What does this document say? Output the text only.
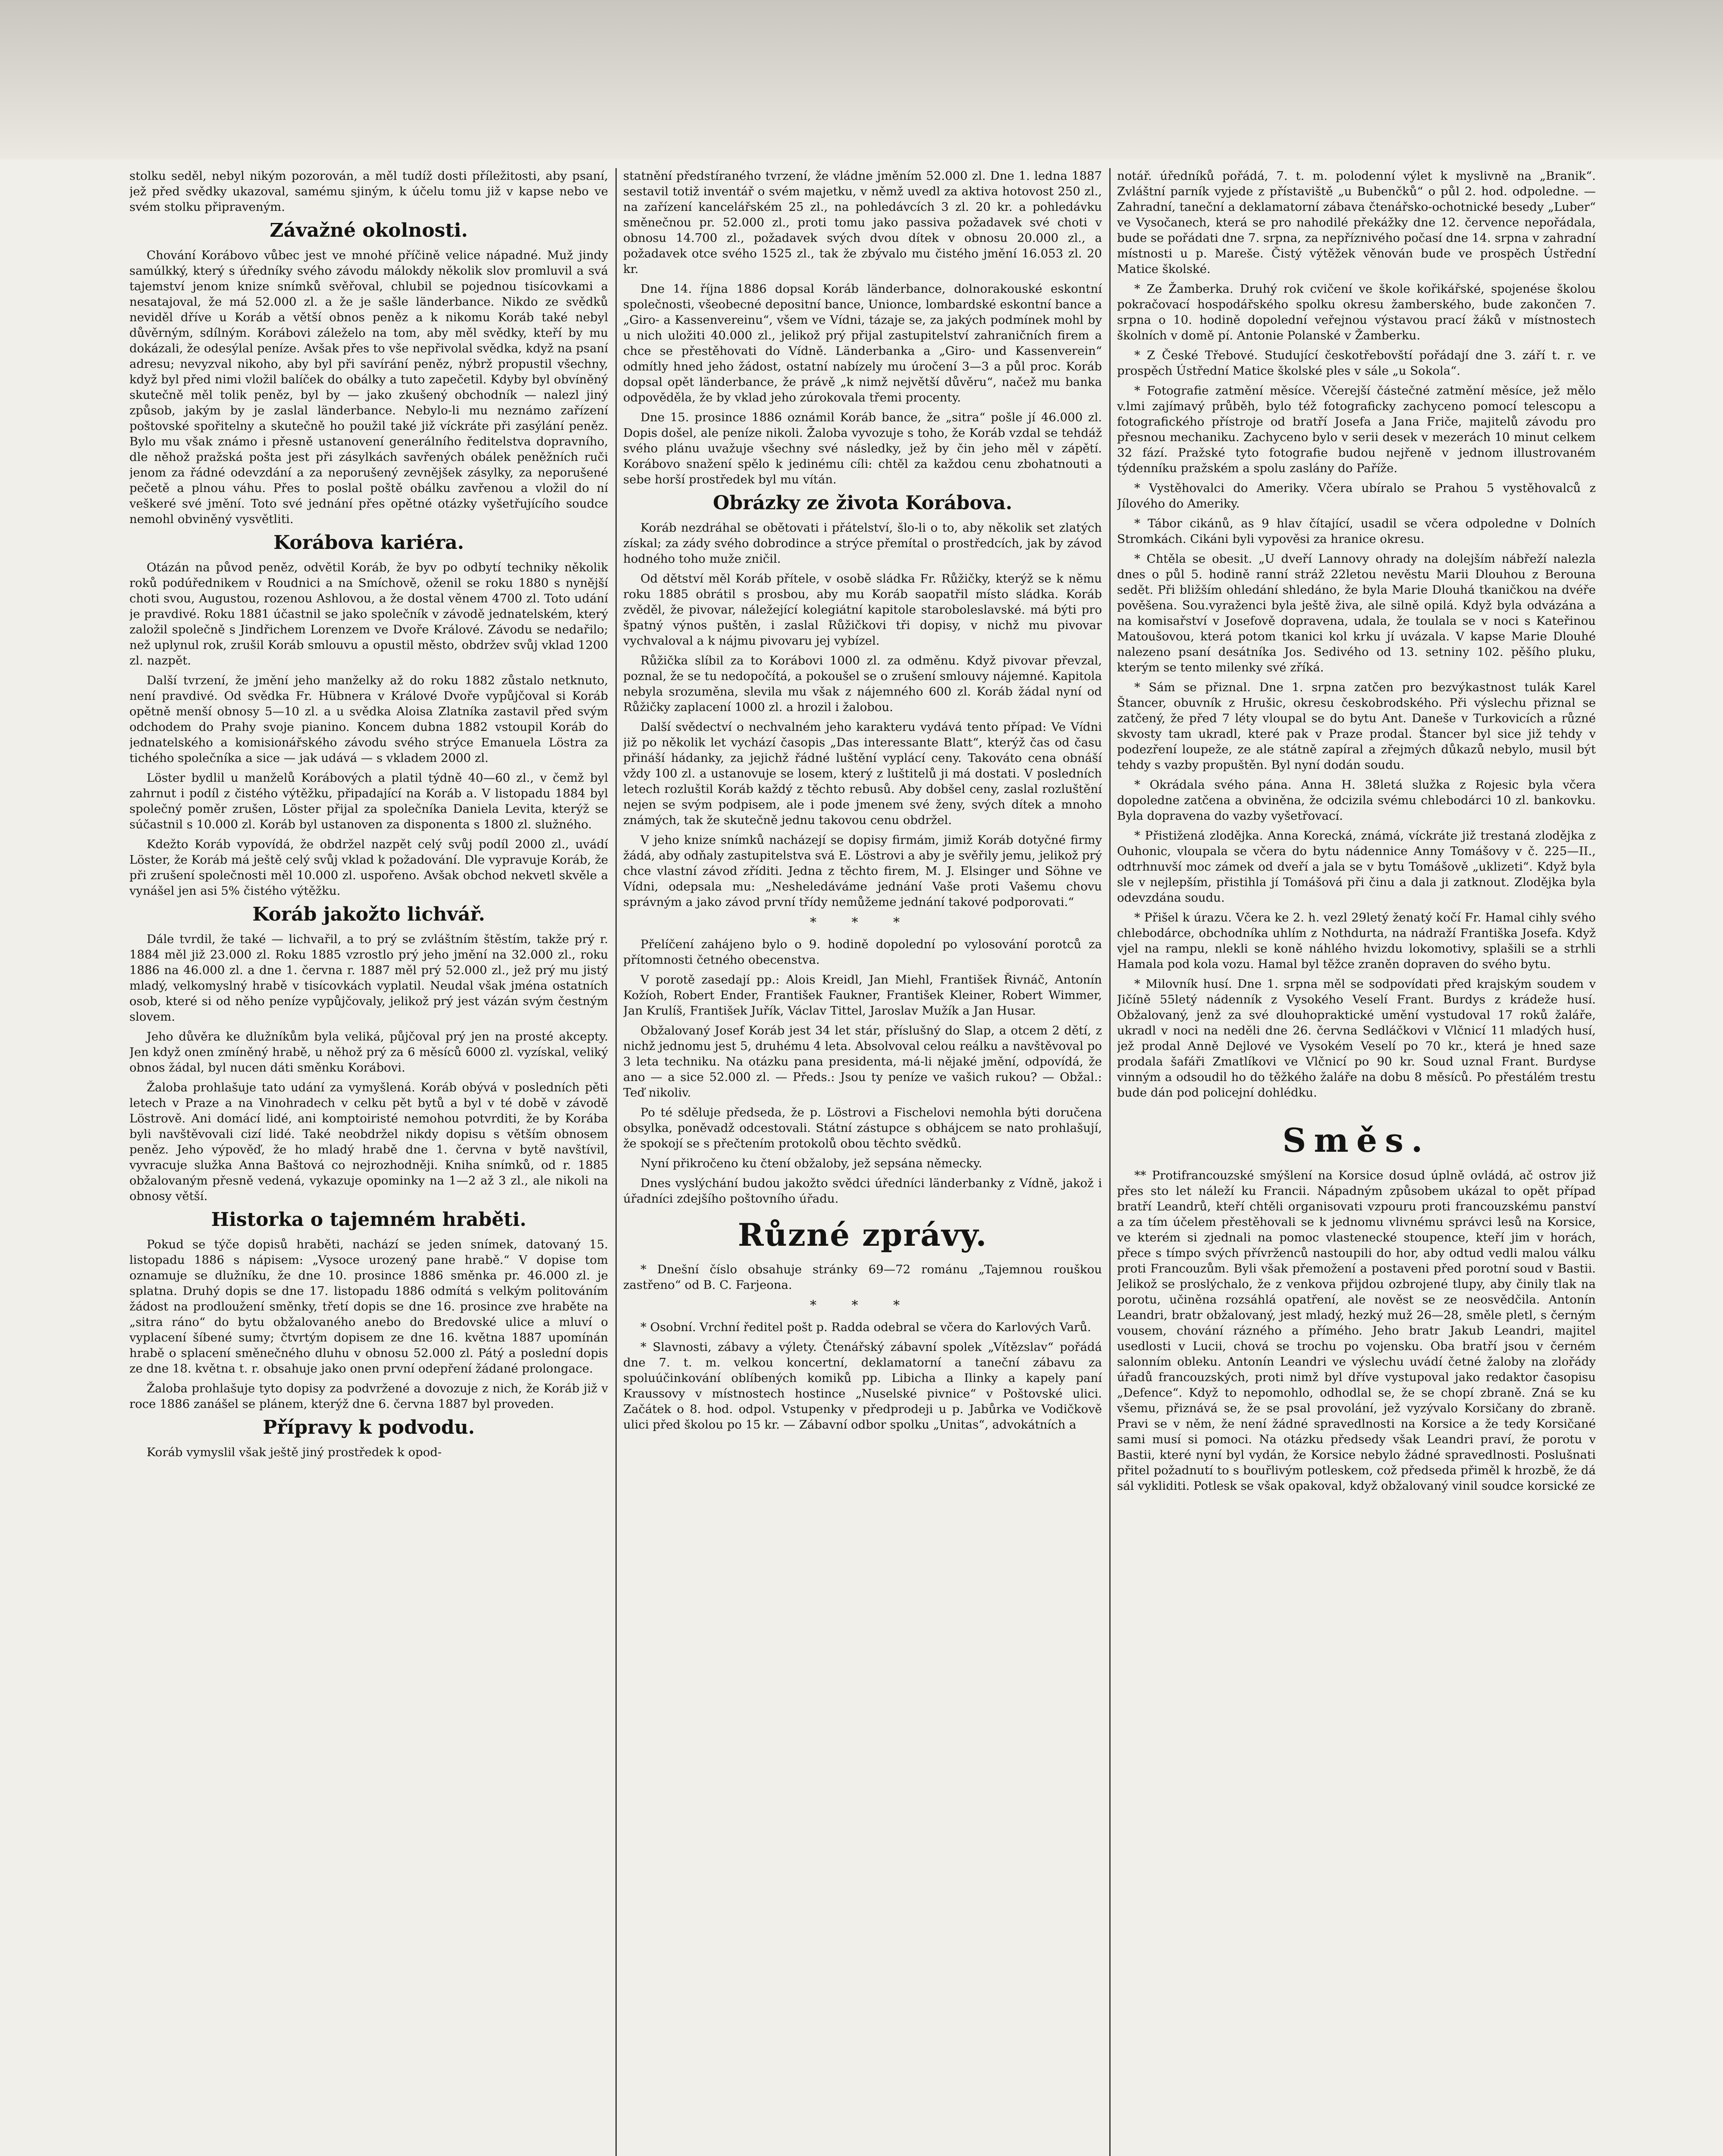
stolku seděl, nebyl nikým pozorován, a měl tudíž dosti příležitosti, aby psaní, jež před svědky ukazoval, samému sjiným, k účelu tomu již v kapse nebo ve svém stolku připraveným.

Závažné okolnosti.

Chování Korábovo vůbec jest ve mnohé příčině velice nápadné. Muž jindy samúlkký, který s úředníky svého závodu málokdy několik slov promluvil a svá tajemství jenom knize snímků svěřoval, chlubil se pojednou tisícovkami a nesatajoval, že má 52.000 zl. a že je sašle länderbance. Nikdo ze svědků neviděl dříve u Koráb a větší obnos peněz a k nikomu Koráb také nebyl důvěrným, sdílným. Korábovi záleželo na tom, aby měl svědky, kteří by mu dokázali, že odesýlal peníze. Avšak přes to vše nepřivolal svědka, když na psaní adresu; nevyzval nikoho, aby byl při savírání peněz, nýbrž propustil všechny, když byl před nimi vložil balíček do obálky a tuto zapečetil. Kdyby byl obvíněný skutečně měl tolik peněz, byl by — jako zkušený obchodník — nalezl jiný způsob, jakým by je zaslal länderbance. Nebylo-li mu neznámo zařízení poštovské spořitelny a skutečně ho použil také již víckráte při zasýlání peněz. Bylo mu však známo i přesně ustanovení generálního ředitelstva dopravního, dle něhož pražská pošta jest při zásylkách savřených obálek peněžních ruči jenom za řádné odevzdání a za neporušený zevnějšek zásylky, za neporušené pečetě a plnou váhu. Přes to poslal poště obálku zavřenou a vložil do ní veškeré své jmění. Toto své jednání přes opětné otázky vyšetřujícího soudce nemohl obviněný vysvětliti.

Korábova kariéra.

Otázán na původ peněz, odvětil Koráb, že byv po odbytí techniky několik roků podúřednikem v Roudnici a na Smíchově, oženil se roku 1880 s nynější choti svou, Augustou, rozenou Ashlovou, a že dostal věnem 4700 zl. Toto udání je pravdivé. Roku 1881 účastnil se jako společník v závodě jednatelském, který založil společně s Jindřichem Lorenzem ve Dvoře Králové. Závodu se nedařilo; než uplynul rok, zrušil Koráb smlouvu a opustil město, obdržev svůj vklad 1200 zl. nazpět.

Další tvrzení, že jmění jeho manželky až do roku 1882 zůstalo netknuto, není pravdivé. Od svědka Fr. Hübnera v Králové Dvoře vypůjčoval si Koráb opětně menší obnosy 5—10 zl. a u svědka Aloisa Zlatníka zastavil před svým odchodem do Prahy svoje pianino. Koncem dubna 1882 vstoupil Koráb do jednatelského a komisionářského závodu svého strýce Emanuela Löstra za tichého společníka a sice — jak udává — s vkladem 2000 zl.

Löster bydlil u manželů Korábových a platil týdně 40—60 zl., v čemž byl zahrnut i podíl z čistého výtěžku, připadající na Koráb a. V listopadu 1884 byl společný poměr zrušen, Löster přijal za společníka Daniela Levita, kterýž se súčastnil s 10.000 zl. Koráb byl ustanoven za disponenta s 1800 zl. služného.

Kdežto Koráb vypovídá, že obdržel nazpět celý svůj podíl 2000 zl., uvádí Löster, že Koráb má ještě celý svůj vklad k požadování. Dle vypravuje Koráb, že při zrušení společnosti měl 10.000 zl. uspořeno. Avšak obchod nekvetl skvěle a vynášel jen asi 5% čistého výtěžku.

Koráb jakožto lichvář.

Dále tvrdil, že také — lichvařil, a to prý se zvláštním štěstím, takže prý r. 1884 měl již 23.000 zl. Roku 1885 vzrostlo prý jeho jmění na 32.000 zl., roku 1886 na 46.000 zl. a dne 1. června r. 1887 měl prý 52.000 zl., jež prý mu jistý mladý, velkomyslný hrabě v tisícovkách vyplatil. Neudal však jména ostatních osob, které si od něho peníze vypůjčovaly, jelikož prý jest vázán svým čestným slovem.

Jeho důvěra ke dlužníkům byla veliká, půjčoval prý jen na prosté akcepty. Jen když onen zmíněný hrabě, u něhož prý za 6 měsíců 6000 zl. vyzískal, veliký obnos žádal, byl nucen dáti směnku Korábovi.

Žaloba prohlašuje tato udání za vymyšlená. Koráb obývá v posledních pěti letech v Praze a na Vinohradech v celku pět bytů a byl v té době v závodě Löstrově. Ani domácí lidé, ani komptoiristé nemohou potvrditi, že by Korába byli navštěvovali cizí lidé. Také neobdržel nikdy dopisu s větším obnosem peněz. Jeho výpověď, že ho mladý hrabě dne 1. června v bytě navštívil, vyvracuje služka Anna Baštová co nejrozhodněji. Kniha snímků, od r. 1885 obžalovaným přesně vedená, vykazuje opominky na 1—2 až 3 zl., ale nikoli na obnosy větší.

Historka o tajemném hraběti.

Pokud se týče dopisů hraběti, nachází se jeden snímek, datovaný 15. listopadu 1886 s nápisem: „Vysoce urozený pane hrabě.“ V dopise tom oznamuje se dlužníku, že dne 10. prosince 1886 směnka pr. 46.000 zl. je splatna. Druhý dopis se dne 17. listopadu 1886 odmítá s velkým politováním žádost na prodloužení směnky, třetí dopis se dne 16. prosince zve hraběte na „sitra ráno“ do bytu obžalovaného anebo do Bredovské ulice a mluví o vyplacení šíbené sumy; čtvrtým dopisem ze dne 16. května 1887 upomínán hrabě o splacení směnečného dluhu v obnosu 52.000 zl. Pátý a poslední dopis ze dne 18. května t. r. obsahuje jako onen první odepření žádané prolongace.

Žaloba prohlašuje tyto dopisy za podvržené a dovozuje z nich, že Koráb již v roce 1886 zanášel se plánem, kterýž dne 6. června 1887 byl proveden.

Přípravy k podvodu.

Koráb vymyslil však ještě jiný prostředek k opod-

statnění předstíraného tvrzení, že vládne jměním 52.000 zl. Dne 1. ledna 1887 sestavil totiž inventář o svém majetku, v němž uvedl za aktiva hotovost 250 zl., na zařízení kancelářském 25 zl., na pohledávcích 3 zl. 20 kr. a pohledávku směnečnou pr. 52.000 zl., proti tomu jako passiva požadavek své choti v obnosu 14.700 zl., požadavek svých dvou dítek v obnosu 20.000 zl., a požadavek otce svého 1525 zl., tak že zbývalo mu čistého jmění 16.053 zl. 20 kr.

Dne 14. října 1886 dopsal Koráb länderbance, dolnorakouské eskontní společnosti, všeobecné depositní bance, Unionce, lombardské eskontní bance a „Giro- a Kassenvereinu“, všem ve Vídni, tázaje se, za jakých podmínek mohl by u nich uložiti 40.000 zl., jelikož prý přijal zastupitelství zahraničních firem a chce se přestěhovati do Vídně. Länderbanka a „Giro- und Kassenverein“ odmítly hned jeho žádost, ostatní nabízely mu úročení 3—3 a půl proc. Koráb dopsal opět länderbance, že právě „k nimž největší důvěru“, načež mu banka odpověděla, že by vklad jeho zúrokovala třemi procenty.

Dne 15. prosince 1886 oznámil Koráb bance, že „sitra“ pošle jí 46.000 zl. Dopis došel, ale peníze nikoli. Žaloba vyvozuje s toho, že Koráb vzdal se tehdáž svého plánu uvažuje všechny své následky, jež by čin jeho měl v zápětí. Korábovo snažení spělo k jedinému cíli: chtěl za každou cenu zbohatnouti a sebe horší prostředek byl mu vítán.

Obrázky ze života Korábova.

Koráb nezdráhal se obětovati i přátelství, šlo-li o to, aby několik set zlatých získal; za zády svého dobrodince a strýce přemítal o prostředcích, jak by závod hodného toho muže zničil.

Od dětství měl Koráb přítele, v osobě sládka Fr. Růžičky, kterýž se k němu roku 1885 obrátil s prosbou, aby mu Koráb saopatřil místo sládka. Koráb zvěděl, že pivovar, náležející kolegiátní kapitole staroboleslavské. má býti pro špatný výnos puštěn, i zaslal Růžičkovi tři dopisy, v nichž mu pivovar vychvaloval a k nájmu pivovaru jej vybízel.

Růžička slíbil za to Korábovi 1000 zl. za odměnu. Když pivovar převzal, poznal, že se tu nedopočítá, a pokoušel se o zrušení smlouvy nájemné. Kapitola nebyla srozuměna, slevila mu však z nájemného 600 zl. Koráb žádal nyní od Růžičky zaplacení 1000 zl. a hrozil i žalobou.

Další svědectví o nechvalném jeho karakteru vydává tento případ: Ve Vídni již po několik let vychází časopis „Das interessante Blatt“, kterýž čas od času přináší hádanky, za jejichž řádné luštění vyplácí ceny. Takováto cena obnáší vždy 100 zl. a ustanovuje se losem, který z luštitelů ji má dostati. V posledních letech rozluštil Koráb každý z těchto rebusů. Aby dobšel ceny, zaslal rozluštění nejen se svým podpisem, ale i pode jmenem své ženy, svých dítek a mnoho známých, tak že skutečně jednu takovou cenu obdržel.

V jeho knize snímků nacházejí se dopisy firmám, jimiž Koráb dotyčné firmy žádá, aby odňaly zastupitelstva svá E. Löstrovi a aby je svěřily jemu, jelikož prý chce vlastní závod zříditi. Jedna z těchto firem, M. J. Elsinger und Söhne ve Vídni, odepsala mu: „Nesheledáváme jednání Vaše proti Vašemu chovu správným a jako závod první třídy nemůžeme jednání takové podporovati.“

* * *

Přelíčení zahájeno bylo o 9. hodině dopolední po vylosování porotců za přítomnosti četného obecenstva.

V porotě zasedají pp.: Alois Kreidl, Jan Miehl, František Řivnáč, Antonín Kožíoh, Robert Ender, František Faukner, František Kleiner, Robert Wimmer, Jan Krulíš, František Juřík, Václav Tittel, Jaroslav Mužík a Jan Husar.

Obžalovaný Josef Koráb jest 34 let stár, příslušný do Slap, a otcem 2 dětí, z nichž jednomu jest 5, druhému 4 leta. Absolvoval celou reálku a navštěvoval po 3 leta techniku. Na otázku pana presidenta, má-li nějaké jmění, odpovídá, že ano — a sice 52.000 zl. — Předs.: Jsou ty peníze ve vašich rukou? — Obžal.: Teď nikoliv.

Po té sděluje předseda, že p. Löstrovi a Fischelovi nemohla býti doručena obsylka, poněvadž odcestovali. Státní zástupce s obhájcem se nato prohlašují, že spokojí se s přečtením protokolů obou těchto svědků.

Nyní přikročeno ku čtení obžaloby, jež sepsána německy.

Dnes vyslýchání budou jakožto svědci úředníci länderbanky z Vídně, jakož i úřadníci zdejšího poštovního úřadu.

Různé zprávy.

* Dnešní číslo obsahuje stránky 69—72 románu „Tajemnou rouškou zastřeno“ od B. C. Farjeona.

* * *

* Osobní. Vrchní ředitel pošt p. Radda odebral se včera do Karlových Varů.

* Slavnosti, zábavy a výlety. Čtenářský zábavní spolek „Vítězslav“ pořádá dne 7. t. m. velkou koncertní, deklamatorní a taneční zábavu za spoluúčinkování oblíbených komiků pp. Libicha a Ilinky a kapely paní Kraussovy v místnostech hostince „Nuselské pivnice“ v Poštovské ulici. Začátek o 8. hod. odpol. Vstupenky v předprodeji u p. Jabůrka ve Vodičkově ulici před školou po 15 kr. — Zábavní odbor spolku „Unitas“, advokátních a

notář. úředníků pořádá, 7. t. m. polodenní výlet k myslivně na „Branik“. Zvláštní parník vyjede z přístaviště „u Bubenčků“ o půl 2. hod. odpoledne. — Zahradní, taneční a deklamatorní zábava čtenářsko-ochotnické besedy „Luber“ ve Vysočanech, která se pro nahodilé překážky dne 12. července nepořádala, bude se pořádati dne 7. srpna, za nepříznivého počasí dne 14. srpna v zahradní místnosti u p. Mareše. Čistý výtěžek věnován bude ve prospěch Ústřední Matice školské.

* Ze Žamberka. Druhý rok cvičení ve škole kořikářské, spojenése školou pokračovací hospodářského spolku okresu žamberského, bude zakončen 7. srpna o 10. hodině dopolední veřejnou výstavou prací žáků v místnostech školních v domě pí. Antonie Polanské v Žamberku.

* Z České Třebové. Studující českotřebovští pořádají dne 3. září t. r. ve prospěch Ústřední Matice školské ples v sále „u Sokola“.

* Fotografie zatmění měsíce. Včerejší částečné zatmění měsíce, jež mělo v.lmi zajímavý průběh, bylo též fotograficky zachyceno pomocí telescopu a fotografického přístroje od bratří Josefa a Jana Friče, majitelů závodu pro přesnou mechaniku. Zachyceno bylo v serii desek v mezerách 10 minut celkem 32 fází. Pražské tyto fotografie budou nejřeně v jednom illustrovaném týdenníku pražském a spolu zaslány do Paříže.

* Vystěhovalci do Ameriky. Včera ubíralo se Prahou 5 vystěhovalců z Jílového do Ameriky.

* Tábor cikánů, as 9 hlav čítající, usadil se včera odpoledne v Dolních Stromkách. Cikáni byli vypověsi za hranice okresu.

* Chtěla se obesit. „U dveří Lannovy ohrady na dolejším nábřeží nalezla dnes o půl 5. hodině ranní stráž 22letou nevěstu Marii Dlouhou z Berouna sedět. Při bližším ohledání shledáno, že byla Marie Dlouhá tkaničkou na dvéře pověšena. Sou.vyraženci byla ještě živa, ale silně opilá. Když byla odvázána a na komisařství v Josefově dopravena, udala, že toulala se v noci s Kateřinou Matoušovou, která potom tkanici kol krku jí uvázala. V kapse Marie Dlouhé nalezeno psaní desátníka Jos. Sedivého od 13. setniny 102. pěšího pluku, kterým se tento milenky své zříká.

* Sám se přiznal. Dne 1. srpna zatčen pro bezvýkastnost tulák Karel Štancer, obuvník z Hrušic, okresu českobrodského. Při výslechu přiznal se zatčený, že před 7 léty vloupal se do bytu Ant. Daneše v Turkovicích a různé skvosty tam ukradl, které pak v Praze prodal. Štancer byl sice již tehdy v podezření loupeže, ze ale státně zapíral a zřejmých důkazů nebylo, musil být tehdy s vazby propuštěn. Byl nyní dodán soudu.

* Okrádala svého pána. Anna H. 38letá služka z Rojesic byla včera dopoledne zatčena a obviněna, že odcizila svému chlebodárci 10 zl. bankovku. Byla dopravena do vazby vyšetřovací.

* Přistižená zlodějka. Anna Korecká, známá, víckráte již trestaná zlodějka z Ouhonic, vloupala se včera do bytu nádennice Anny Tomášovy v č. 225—II., odtrhnuvší moc zámek od dveří a jala se v bytu Tomášově „uklizeti“. Když byla sle v nejlepším, přistihla jí Tomášová při činu a dala ji zatknout. Zlodějka byla odevzdána soudu.

* Přišel k úrazu. Včera ke 2. h. vezl 29letý ženatý kočí Fr. Hamal cihly svého chlebodárce, obchodníka uhlím z Nothdurta, na nádraží Františka Josefa. Když vjel na rampu, nlekli se koně náhlého hvizdu lokomotivy, splašili se a strhli Hamala pod kola vozu. Hamal byl těžce zraněn dopraven do svého bytu.

* Milovník husí. Dne 1. srpna měl se sodpovídati před krajským soudem v Jičíně 55letý nádenník z Vysokého Veselí Frant. Burdys z krádeže husí. Obžalovaný, jenž za své dlouhopraktické umění vystudoval 17 roků žaláře, ukradl v noci na neděli dne 26. června Sedláčkovi v Vlčnicí 11 mladých husí, jež prodal Anně Dejlové ve Vysokém Veselí po 70 kr., která je hned saze prodala šafáři Zmatlíkovi ve Vlčnicí po 90 kr. Soud uznal Frant. Burdyse vinným a odsoudil ho do těžkého žaláře na dobu 8 měsíců. Po přestálém trestu bude dán pod policejní dohlédku.

Směs.

** Protifrancouzské smýšlení na Korsice dosud úplně ovládá, ač ostrov již přes sto let náleží ku Francii. Nápadným způsobem ukázal to opět případ bratří Leandrů, kteří chtěli organisovati vzpouru proti francouzskému panství a za tím účelem přestěhovali se k jednomu vlivnému správci lesů na Korsice, ve kterém si zjednali na pomoc vlastenecké stoupence, kteří jim v horách, přece s tímpo svých přívrženců nastoupili do hor, aby odtud vedli malou válku proti Francouzům. Byli však přemožení a postaveni před porotní soud v Bastii. Jelikož se proslýchalo, že z venkova přijdou ozbrojené tlupy, aby činily tlak na porotu, učiněna rozsáhlá opatření, ale nověst se ze neosvědčila. Antonín Leandri, bratr obžalovaný, jest mladý, hezký muž 26—28, směle pletl, s černým vousem, chování rázného a přímého. Jeho bratr Jakub Leandri, majitel usedlosti v Lucii, chová se trochu po vojensku. Oba bratří jsou v černém salonním obleku. Antonín Leandri ve výslechu uvádí četné žaloby na zlořády úřadů francouzských, proti nimž byl dříve vystupoval jako redaktor časopisu „Defence“. Když to nepomohlo, odhodlal se, že se chopí zbraně. Zná se ku všemu, přiznává se, že se psal provolání, jež vyzývalo Korsičany do zbraně. Pravi se v něm, že není žádné spravedlnosti na Korsice a že tedy Korsičané sami musí si pomoci. Na otázku předsedy však Leandri praví, že porotu v Bastii, které nyní byl vydán, že Korsice nebylo žádné spravedlnosti. Poslušnati přitel požadnutí to s bouřlivým potleskem, což předseda přiměl k hrozbě, že dá sál vykliditi. Potlesk se však opakoval, když obžalovaný vinil soudce korsické ze
